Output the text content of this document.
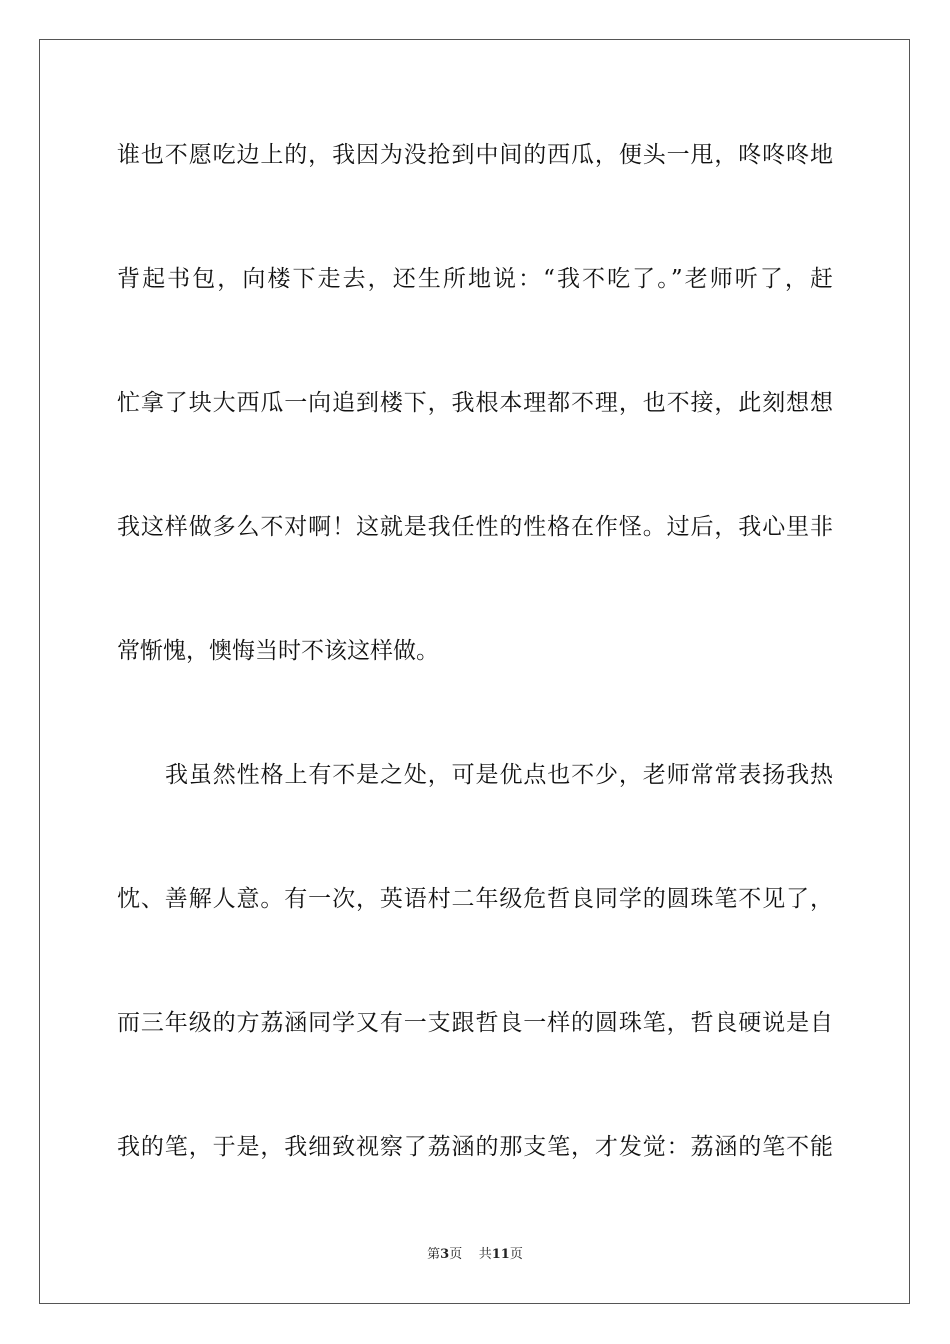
谁也不愿吃边上的，我因为没抢到中间的西瓜，便头一甩，咚咚咚地

背起书包，向楼下走去，还生所地说：“我不吃了。”老师听了，赶

忙拿了块大西瓜一向追到楼下，我根本理都不理，也不接，此刻想想

我这样做多么不对啊！这就是我任性的性格在作怪。过后，我心里非

常惭愧，懊悔当时不该这样做。

我虽然性格上有不是之处，可是优点也不少，老师常常表扬我热

忱、善解人意。有一次，英语村二年级危哲良同学的圆珠笔不见了，

而三年级的方荔涵同学又有一支跟哲良一样的圆珠笔，哲良硬说是自

我的笔，于是，我细致视察了荔涵的那支笔，才发觉：荔涵的笔不能

第3页 共11页
